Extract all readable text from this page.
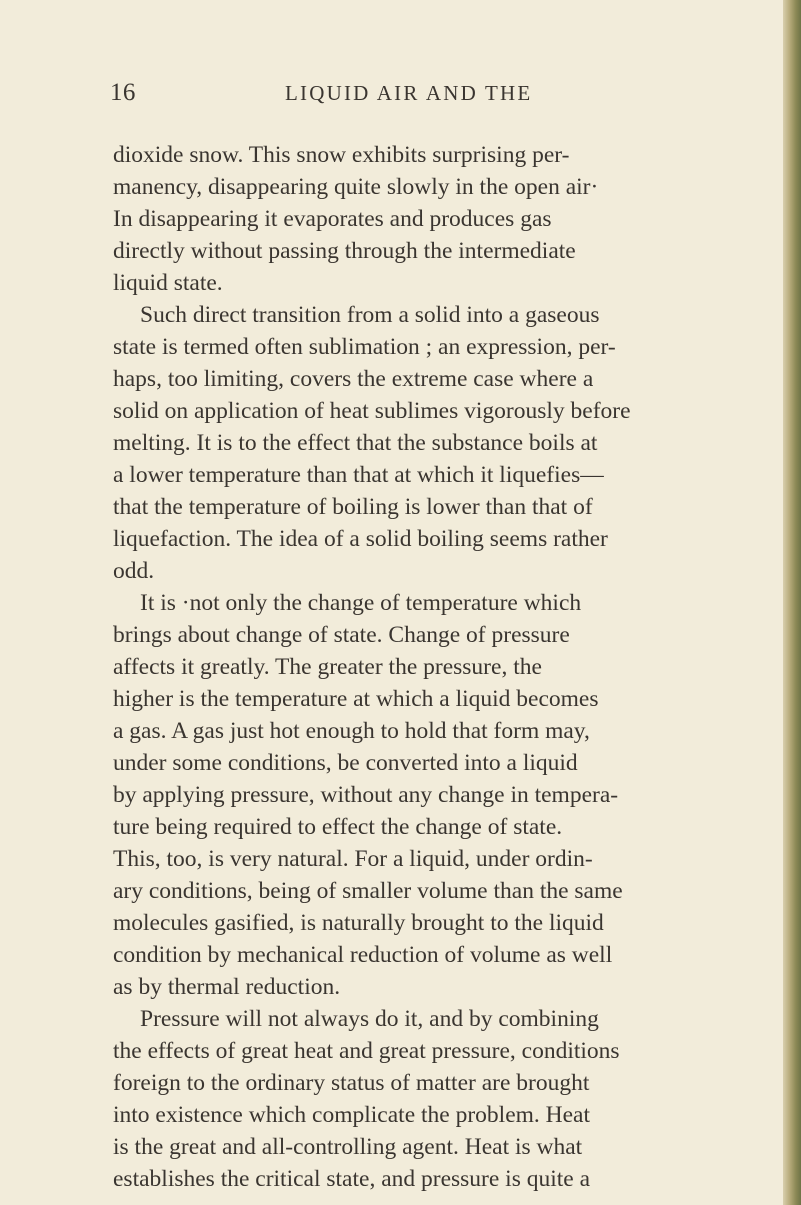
16	LIQUID AIR AND THE
dioxide snow. This snow exhibits surprising per-
manency, disappearing quite slowly in the open air·
In disappearing it evaporates and produces gas
directly without passing through the intermediate
liquid state.
Such direct transition from a solid into a gaseous
state is termed often sublimation ; an expression, per-
haps, too limiting, covers the extreme case where a
solid on application of heat sublimes vigorously before
melting. It is to the effect that the substance boils at
a lower temperature than that at which it liquefies—
that the temperature of boiling is lower than that of
liquefaction. The idea of a solid boiling seems rather
odd.
It is ·not only the change of temperature which
brings about change of state. Change of pressure
affects it greatly. The greater the pressure, the
higher is the temperature at which a liquid becomes
a gas. A gas just hot enough to hold that form may,
under some conditions, be converted into a liquid
by applying pressure, without any change in tempera-
ture being required to effect the change of state.
This, too, is very natural. For a liquid, under ordin-
ary conditions, being of smaller volume than the same
molecules gasified, is naturally brought to the liquid
condition by mechanical reduction of volume as well
as by thermal reduction.
Pressure will not always do it, and by combining
the effects of great heat and great pressure, conditions
foreign to the ordinary status of matter are brought
into existence which complicate the problem. Heat
is the great and all-controlling agent. Heat is what
establishes the critical state, and pressure is quite a
